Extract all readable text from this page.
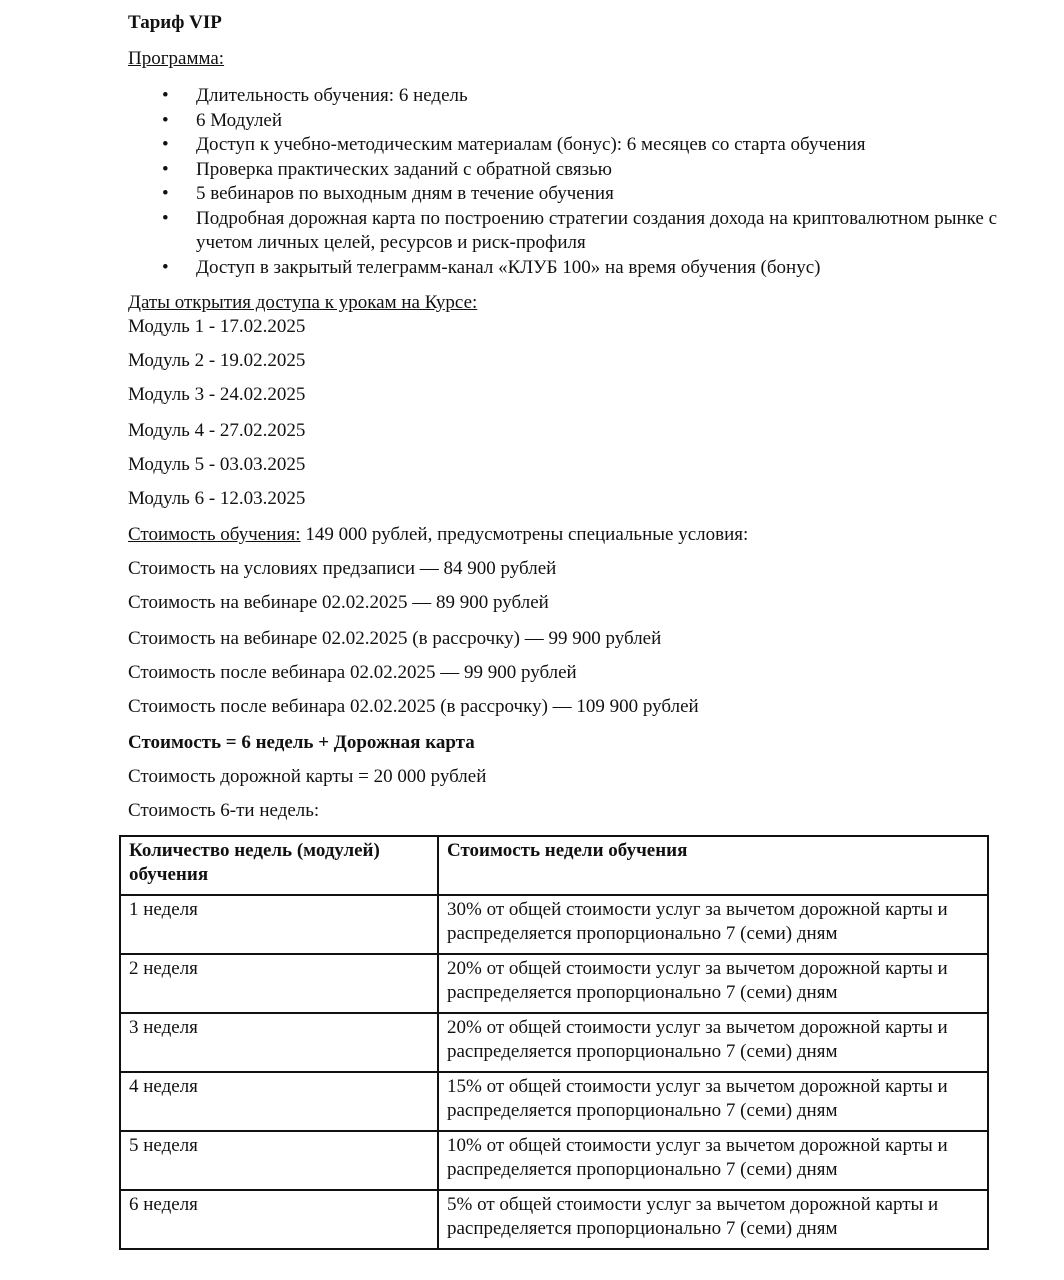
Тариф VIP
Программа:
• Длительность обучения: 6 недель
• 6 Модулей
• Доступ к учебно-методическим материалам (бонус): 6 месяцев со старта обучения
• Проверка практических заданий с обратной связью
• 5 вебинаров по выходным дням в течение обучения
• Подробная дорожная карта по построению стратегии создания дохода на криптовалютном рынке с учетом личных целей, ресурсов и риск-профиля
• Доступ в закрытый телеграмм-канал «КЛУБ 100» на время обучения (бонус)
Даты открытия доступа к урокам на Курсе:
Модуль 1 - 17.02.2025
Модуль 2 - 19.02.2025
Модуль 3 - 24.02.2025
Модуль 4 - 27.02.2025
Модуль 5 - 03.03.2025
Модуль 6 - 12.03.2025
Стоимость обучения: 149 000 рублей, предусмотрены специальные условия:
Стоимость на условиях предзаписи — 84 900 рублей
Стоимость на вебинаре 02.02.2025 — 89 900 рублей
Стоимость на вебинаре 02.02.2025 (в рассрочку) — 99 900 рублей
Стоимость после вебинара 02.02.2025 — 99 900 рублей
Стоимость после вебинара 02.02.2025 (в рассрочку) — 109 900 рублей
Стоимость = 6 недель + Дорожная карта
Стоимость дорожной карты = 20 000 рублей
Стоимость 6-ти недель:
Количество недель (модулей) обучения	Стоимость недели обучения
1 неделя	30% от общей стоимости услуг за вычетом дорожной карты и распределяется пропорционально 7 (семи) дням
2 неделя	20% от общей стоимости услуг за вычетом дорожной карты и распределяется пропорционально 7 (семи) дням
3 неделя	20% от общей стоимости услуг за вычетом дорожной карты и распределяется пропорционально 7 (семи) дням
4 неделя	15% от общей стоимости услуг за вычетом дорожной карты и распределяется пропорционально 7 (семи) дням
5 неделя	10% от общей стоимости услуг за вычетом дорожной карты и распределяется пропорционально 7 (семи) дням
6 неделя	5% от общей стоимости услуг за вычетом дорожной карты и распределяется пропорционально 7 (семи) дням
